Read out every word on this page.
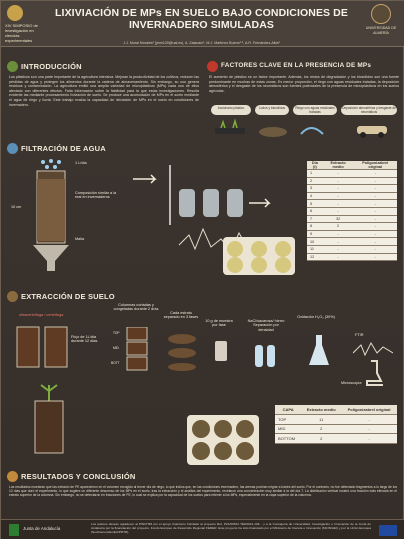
XIV SIMPOSIO de investigación en ciencias experimentales
LIXIVIACIÓN DE MPs EN SUELO BAJO CONDICIONES DE
INVERNADERO SIMULADAS	UNIVERSIDAD DE ALMERÍA
J.J. Moral Morales¹ (jmm120@ual.es), A. Zalacaín¹, M.J. Martínez Bueno¹·², A.R. Fernández-Alba¹
INTRODUCCIÓN
Los plásticos son una parte importante de la agricultura intensiva. Mejoran la productividad de los cultivos, reducen las pérdidas de agua y protegen los alimentos durante la cadena de almacenamiento. Sin embargo, su uso genera residuos y contaminación. La agricultura emitió una amplia variedad de microplásticos (MPs) cada uno de ellos afectado con diferentes efectos. Falta información sobre la fiabilidad para la que estas investigaciones. Resulta evidente las mediante procesamiento lixiviación de suelo. Se produce una acumulación de MPs en el suelo mediante el agua de riego y lluvia. Este trabajo evalúa la capacidad de lixiviación de MPs en el suelo en condiciones de invernadero.
FACTORES CLAVE EN LA PRESENCIA DE MPs
El aumento de plástico se un factor importante. Además, los restos de degradación y los biosólidos son una fuente predominante en muchas de estas zonas. Es menor proporción, el riego con aguas residuales tratadas, la deposición atmosférica y el desgaste de los neumáticos son fuentes potenciales de la presencia de microplásticos en los suelos agrícolas.
Acolchado plástico	Lodos y biosólidos	Riego con aguas residuales tratadas
Deposición atmosférica y desgaste de neumáticos
FILTRACIÓN DE AGUA
1 L/día
Composición similar a la real en invernaderos
10 cm
Malla
Día (t)	Extracto medio	Poligonizabrel original
1	-	-
2	-	-
3	-	-
4	-	-
5	-	-
6	-	-
7	32	-
8	2	-
9	-	-
10	-	-
11	-	-
12	-	-
EXTRACCIÓN DE SUELO
ultracentrífuga / centrífuga
Flujo de 1L/día durante 12 días
Columnas cortadas y congeladas durante 2 días
TOP
MID
BOTT
Cada estrato separado en 3 fases
10 g de muestra por fase
NaCl/sacarosa/ hierro Separación por densidad
Oxidación H₂O₂ (30%)
FTIR
Microscopía
CAPA	Extracto medio	Poligonizabrel original
TOP	11	-
MID	2	-
BOTTOM	2	-
RESULTADOS Y CONCLUSIÓN
Los resultados muestran que las extracto de PE aparecieron en el volumen recogido al tercer día de riego, lo que indica que, en las condiciones invernadero, las arenas podrían migrar a través del suelo. Por el contrario, no fue detectado fragmentos a lo largo de los 12 días que duró el experimento, lo que sugiere un diferente descenso de los MPs en el suelo, tras la extracción y el análisis del experimento, revelaron una concentración muy similar a la del día 7. La distribución vertical mostró una fracción más elevada en el estrato superior de la columna. Sin embargo, no se detectaron en fracciones de PE, lo cual se explica por la capacidad de los suelos para retener a los MPs, especialmente en la capa superior de la columna.
Junta de Andalucía
Los autores desean agradecer al PINCHIM por el apoyo financiero brindado al proyecto Ref. P21/00524 TED2021-129... y a la Consejería de Universidad, Investigación e Innovación de la Junta de Andalucía por la financiación del proyecto, Fondo Europeo de Desarrollo Regional FEDER. Este proyecto ha sido financiado por el Ministerio de Ciencia e Innovación (MCIN/AEI) y por la Unión Europea (NextGenerationEU/PRTR).
